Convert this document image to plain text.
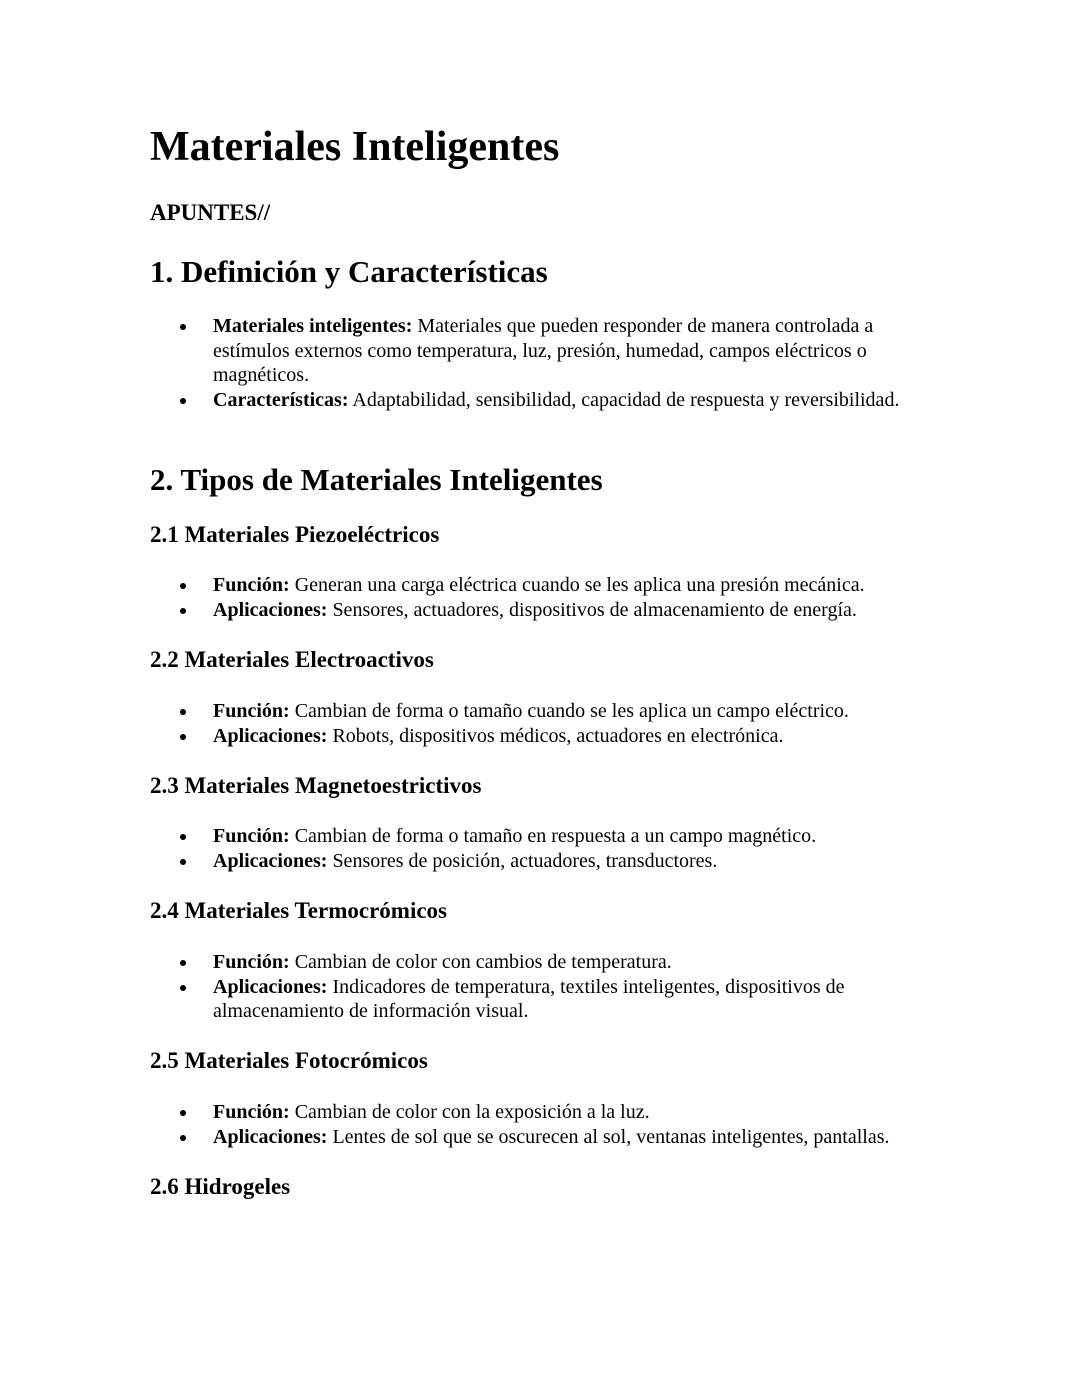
Materiales Inteligentes
APUNTES//
1. Definición y Características
Materiales inteligentes: Materiales que pueden responder de manera controlada a estímulos externos como temperatura, luz, presión, humedad, campos eléctricos o magnéticos.
Características: Adaptabilidad, sensibilidad, capacidad de respuesta y reversibilidad.
2. Tipos de Materiales Inteligentes
2.1 Materiales Piezoeléctricos
Función: Generan una carga eléctrica cuando se les aplica una presión mecánica.
Aplicaciones: Sensores, actuadores, dispositivos de almacenamiento de energía.
2.2 Materiales Electroactivos
Función: Cambian de forma o tamaño cuando se les aplica un campo eléctrico.
Aplicaciones: Robots, dispositivos médicos, actuadores en electrónica.
2.3 Materiales Magnetoestrictivos
Función: Cambian de forma o tamaño en respuesta a un campo magnético.
Aplicaciones: Sensores de posición, actuadores, transductores.
2.4 Materiales Termocrómicos
Función: Cambian de color con cambios de temperatura.
Aplicaciones: Indicadores de temperatura, textiles inteligentes, dispositivos de almacenamiento de información visual.
2.5 Materiales Fotocrómicos
Función: Cambian de color con la exposición a la luz.
Aplicaciones: Lentes de sol que se oscurecen al sol, ventanas inteligentes, pantallas.
2.6 Hidrogeles
